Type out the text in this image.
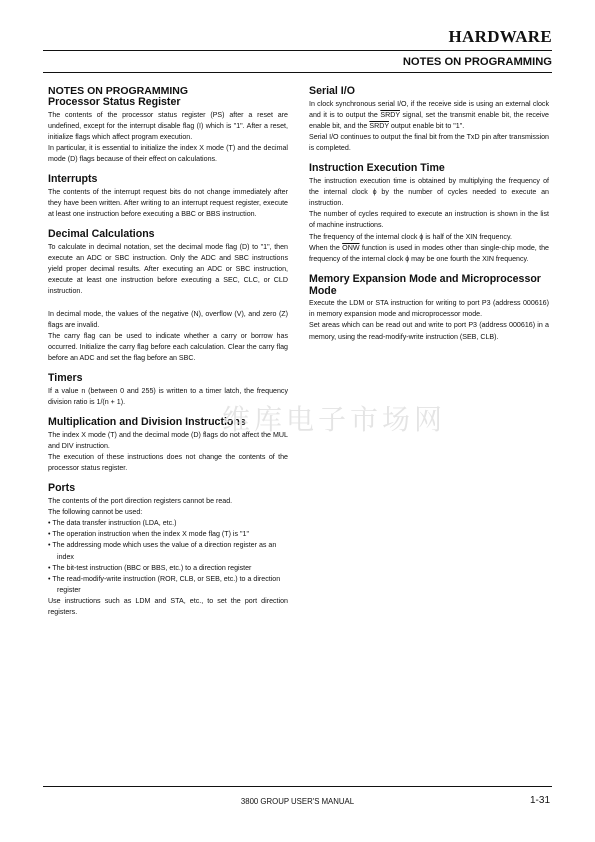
HARDWARE
NOTES ON PROGRAMMING
NOTES ON PROGRAMMING
Processor Status Register

The contents of the processor status register (PS) after a reset are undefined, except for the interrupt disable flag (I) which is "1". After a reset, initialize flags which affect program execution.

In particular, it is essential to initialize the index X mode (T) and the decimal mode (D) flags because of their effect on calculations.

Interrupts

The contents of the interrupt request bits do not change immediately after they have been written. After writing to an interrupt request register, execute at least one instruction before executing a BBC or BBS instruction.

Decimal Calculations

To calculate in decimal notation, set the decimal mode flag (D) to "1", then execute an ADC or SBC instruction. Only the ADC and SBC instructions yield proper decimal results. After executing an ADC or SBC instruction, execute at least one instruction before executing a SEC, CLC, or CLD instruction.

In decimal mode, the values of the negative (N), overflow (V), and zero (Z) flags are invalid.

The carry flag can be used to indicate whether a carry or borrow has occurred. Initialize the carry flag before each calculation. Clear the carry flag before an ADC and set the flag before an SBC.

Timers

If a value n (between 0 and 255) is written to a timer latch, the frequency division ratio is 1/(n + 1).

Multiplication and Division Instructions

The index X mode (T) and the decimal mode (D) flags do not affect the MUL and DIV instruction.

The execution of these instructions does not change the contents of the processor status register.

Ports

The contents of the port direction registers cannot be read.

The following cannot be used:

• The data transfer instruction (LDA, etc.)
• The operation instruction when the index X mode flag (T) is "1"
• The addressing mode which uses the value of a direction register as an index
• The bit-test instruction (BBC or BBS, etc.) to a direction register
• The read-modify-write instruction (ROR, CLB, or SEB, etc.) to a direction register

Use instructions such as LDM and STA, etc., to set the port direction registers.

Serial I/O

In clock synchronous serial I/O, if the receive side is using an external clock and it is to output the SRDY signal, set the transmit enable bit, the receive enable bit, and the SRDY output enable bit to "1".

Serial I/O continues to output the final bit from the TxD pin after transmission is completed.

Instruction Execution Time

The instruction execution time is obtained by multiplying the frequency of the internal clock ϕ by the number of cycles needed to execute an instruction.

The number of cycles required to execute an instruction is shown in the list of machine instructions.

The frequency of the internal clock ϕ is half of the XIN frequency.

When the $\overline{ONW}$ function is used in modes other than single-chip mode, the frequency of the internal clock ϕ may be one fourth the XIN frequency.

Memory Expansion Mode and Microprocessor Mode

Execute the LDM or STA instruction for writing to port P3 (address 000616) in memory expansion mode and microprocessor mode.

Set areas which can be read out and write to port P3 (address 000616) in a memory, using the read-modify-write instruction (SEB, CLB).

维库电子市场网
3800 GROUP USER'S MANUAL	1-31
